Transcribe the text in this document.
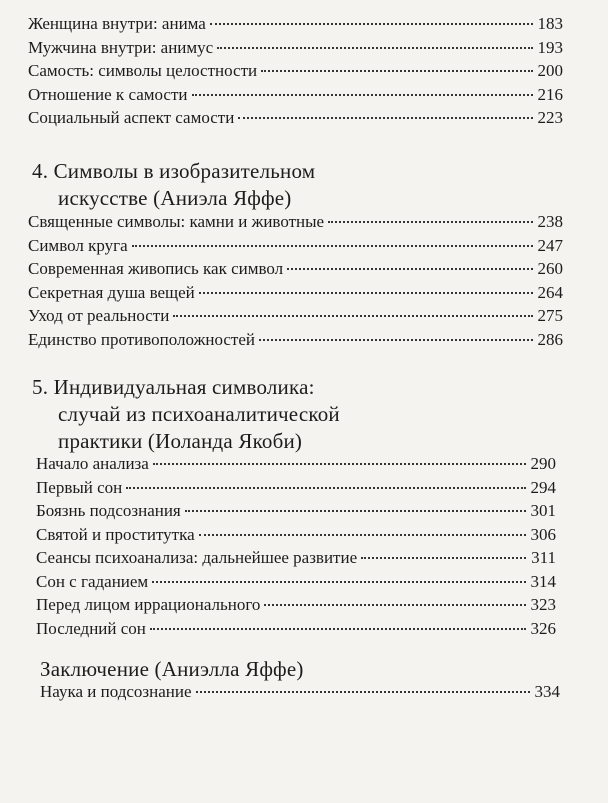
Женщина внутри: анима	183
Мужчина внутри: анимус	193
Самость: символы целостности	200
Отношение к самости	216
Социальный аспект самости	223
4. Символы в изобразительном
искусстве (Аниэла Яффе)
Священные символы: камни и животные	238
Символ круга	247
Современная живопись как символ	260
Секретная душа вещей	264
Уход от реальности	275
Единство противоположностей	286
5. Индивидуальная символика:
случай из психоаналитической
практики (Иоланда Якоби)
Начало анализа	290
Первый сон	294
Боязнь подсознания	301
Святой и проститутка	306
Сеансы психоанализа: дальнейшее развитие	311
Сон с гаданием	314
Перед лицом иррационального	323
Последний сон	326
Заключение (Аниэлла Яффе)
Наука и подсознание	334
